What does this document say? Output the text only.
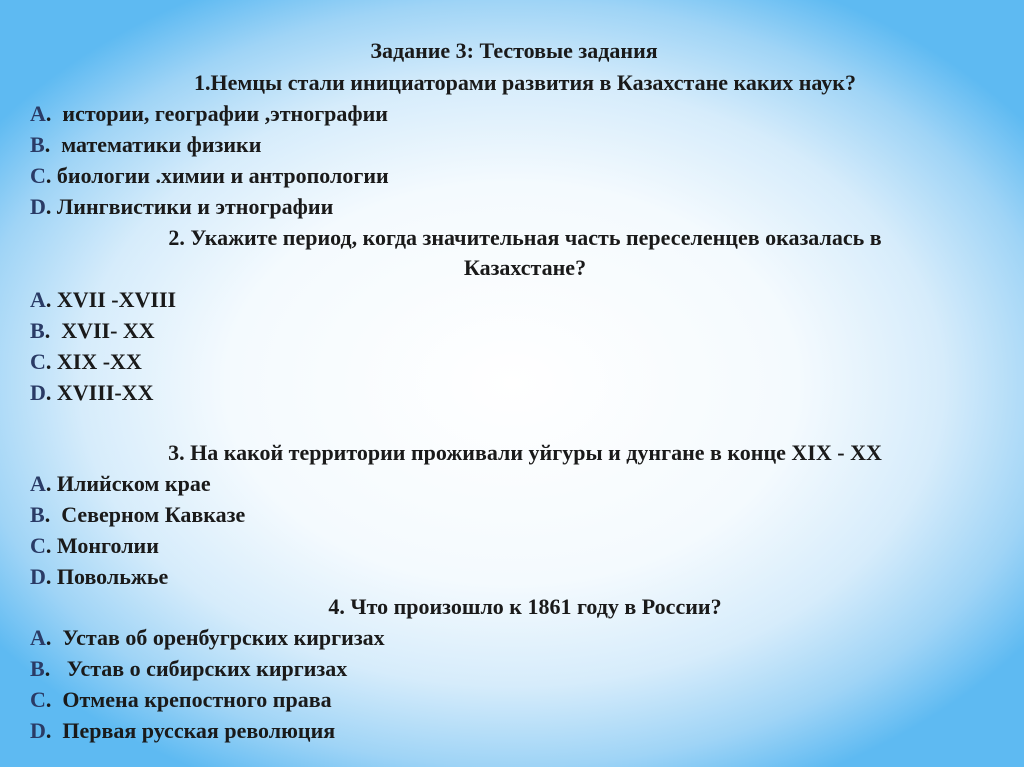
Задание 3: Тестовые задания
1.Немцы стали инициаторами развития в Казахстане каких наук?
A.  истории, географии ,этнографии
B.  математики физики
C. биологии .химии и антропологии
D. Лингвистики и этнографии
2. Укажите период, когда значительная часть переселенцев оказалась в
Казахстане?
A. XVII -XVIII
B.  XVII- XX
C. XIX -XX
D. XVIII-XX
3. На какой территории проживали уйгуры и дунгане в конце XIX - XX
A. Илийском крае
B.  Северном Кавказе
C. Монголии
D. Повольжье
4. Что произошло к 1861 году в России?
A.  Устав об оренбугрских киргизах
B.   Устав о сибирских киргизах
C.  Отмена крепостного права
D.  Первая русская революция
